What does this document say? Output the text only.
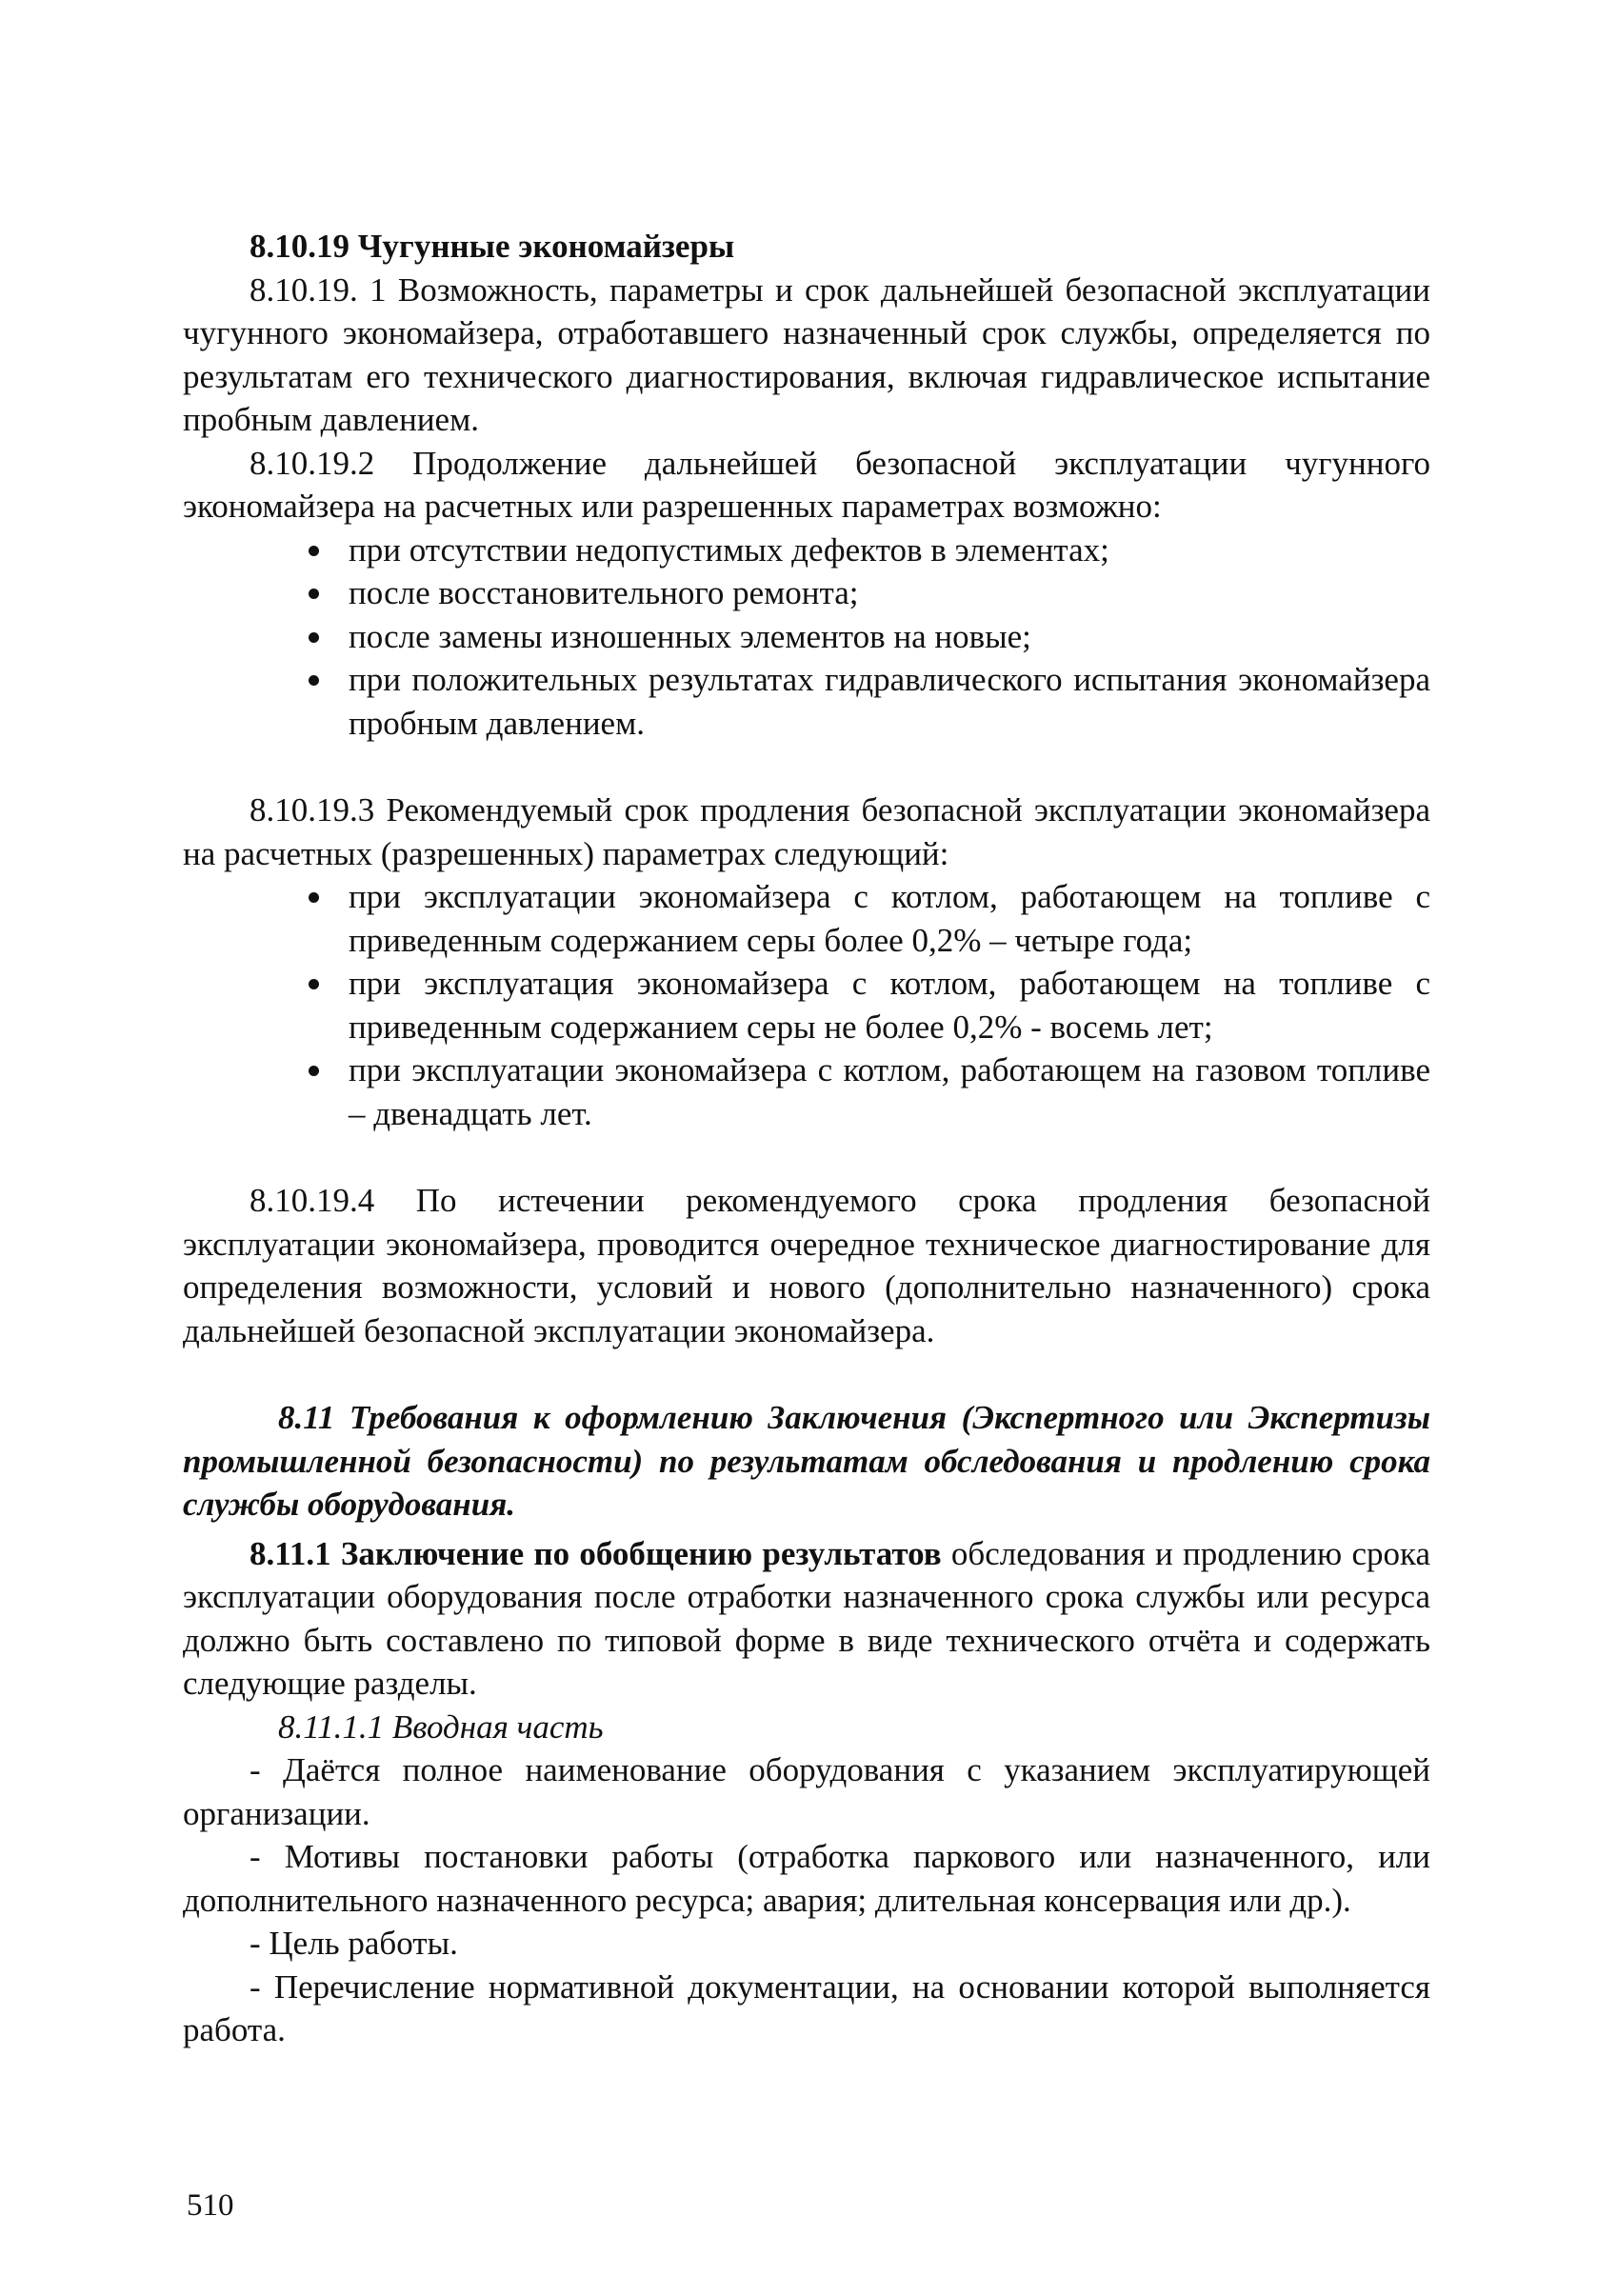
8.10.19 Чугунные экономайзеры

8.10.19. 1 Возможность, параметры и срок дальнейшей безопасной эксплуатации чугунного экономайзера, отработавшего назначенный срок службы, определяется по результатам его технического диагностирования, включая гидравлическое испытание пробным давлением.

8.10.19.2 Продолжение дальнейшей безопасной эксплуатации чугунного экономайзера на расчетных или разрешенных параметрах возможно:

при отсутствии недопустимых дефектов в элементах;
после восстановительного ремонта;
после замены изношенных элементов на новые;
при положительных результатах гидравлического испытания экономайзера пробным давлением.

8.10.19.3 Рекомендуемый срок продления безопасной эксплуатации экономайзера на расчетных (разрешенных) параметрах следующий:

при эксплуатации экономайзера с котлом, работающем на топливе с приведенным содержанием серы более 0,2% – четыре года;
при эксплуатация экономайзера с котлом, работающем на топливе с приведенным содержанием серы не более 0,2% - восемь лет;
при эксплуатации экономайзера с котлом, работающем на газовом топливе – двенадцать лет.

8.10.19.4 По истечении рекомендуемого срока продления безопасной эксплуатации экономайзера, проводится очередное техническое диагностирование для определения возможности, условий и нового (дополнительно назначенного) срока дальнейшей безопасной эксплуатации экономайзера.

8.11 Требования к оформлению Заключения (Экспертного или Экспертизы промышленной безопасности) по результатам обследования и продлению срока службы оборудования.

8.11.1 Заключение по обобщению результатов обследования и продлению срока эксплуатации оборудования после отработки назначенного срока службы или ресурса должно быть составлено по типовой форме в виде технического отчёта и содержать следующие разделы.

8.11.1.1 Вводная часть

- Даётся полное наименование оборудования с указанием эксплуатирующей организации.

- Мотивы постановки работы (отработка паркового или назначенного, или дополнительного назначенного ресурса; авария; длительная консервация или др.).

- Цель работы.

- Перечисление нормативной документации, на основании которой выполняется работа.

510
